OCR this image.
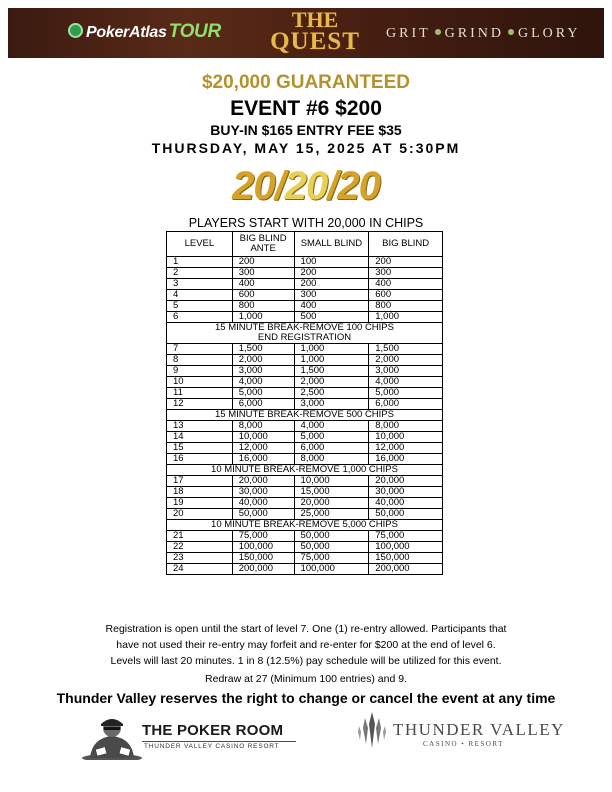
PokerAtlas TOUR	THE
QUEST	GRIT GRIND GLORY
$20,000 GUARANTEED
EVENT #6 $200
BUY-IN $165 ENTRY FEE $35
THURSDAY, MAY 15, 2025 AT 5:30PM
20/20/20
PLAYERS START WITH 20,000 IN CHIPS
LEVEL	BIG BLIND ANTE	SMALL BLIND	BIG BLIND
1	200	100	200
2	300	200	300
3	400	200	400
4	600	300	600
5	800	400	800
6	1,000	500	1,000

15 MINUTE BREAK-REMOVE 100 CHIPS
END REGISTRATION			

7	1,500	1,000	1,500
8	2,000	1,000	2,000
9	3,000	1,500	3,000
10	4,000	2,000	4,000
11	5,000	2,500	5,000
12	6,000	3,000	6,000

15 MINUTE BREAK-REMOVE 500 CHIPS			

13	8,000	4,000	8,000
14	10,000	5,000	10,000
15	12,000	6,000	12,000
16	16,000	8,000	16,000

10 MINUTE BREAK-REMOVE 1,000 CHIPS			

17	20,000	10,000	20,000
18	30,000	15,000	30,000
19	40,000	20,000	40,000
20	50,000	25,000	50,000

10 MINUTE BREAK-REMOVE 5,000 CHIPS			

21	75,000	50,000	75,000
22	100,000	50,000	100,000
23	150,000	75,000	150,000
24	200,000	100,000	200,000

Registration is open until the start of level 7. One (1) re-entry allowed. Participants that

have not used their re-entry may forfeit and re-enter for $200 at the end of level 6.

Levels will last 20 minutes. 1 in 8 (12.5%) pay schedule will be utilized for this event.

Redraw at 27 (Minimum 100 entries) and 9.

Thunder Valley reserves the right to change or cancel the event at any time
THE POKER ROOM
THUNDER VALLEY CASINO RESORT
THUNDER VALLEY
CASINO • RESORT
